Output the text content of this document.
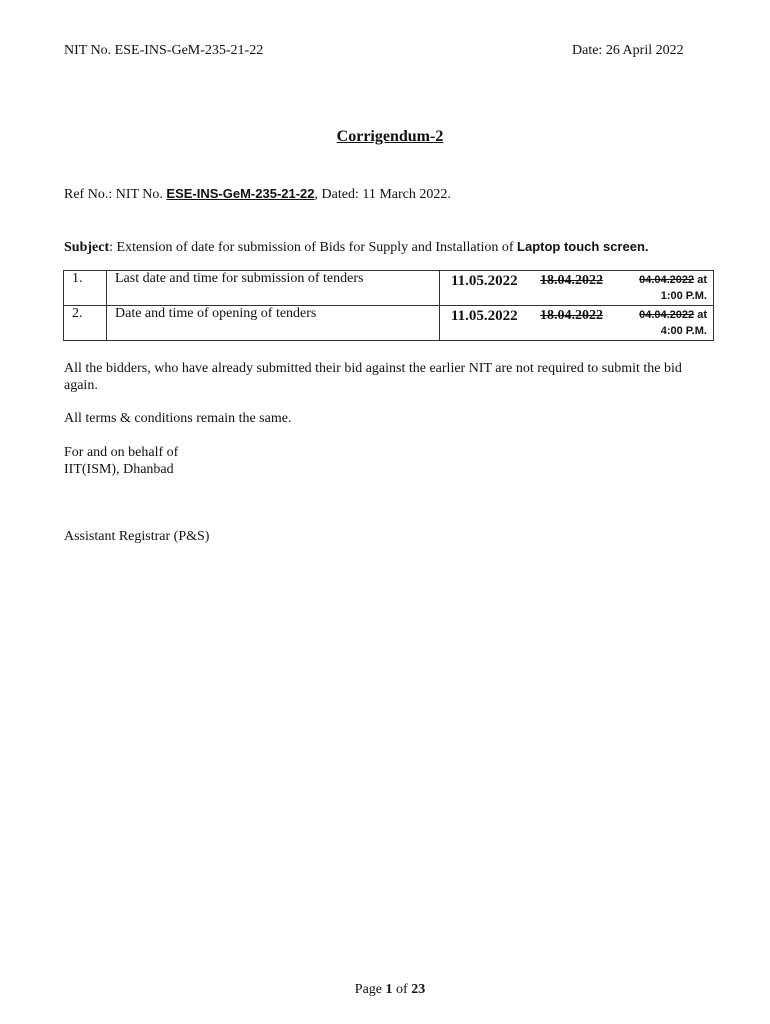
NIT No. ESE-INS-GeM-235-21-22	Date: 26 April 2022
Corrigendum-2
Ref No.: NIT No. ESE-INS-GeM-235-21-22, Dated: 11 March 2022.
Subject: Extension of date for submission of Bids for Supply and Installation of Laptop touch screen.
1.	Last date and time for submission of tenders	11.05.2022 18.04.2022 04.04.2022 at
1:00 P.M.

2.	Date and time of opening of tenders	11.05.2022 18.04.2022 04.04.2022 at
4:00 P.M.
All the bidders, who have already submitted their bid against the earlier NIT are not required to submit the bid again.
All terms & conditions remain the same.
For and on behalf of
IIT(ISM), Dhanbad
Assistant Registrar (P&S)
Page 1 of 23
